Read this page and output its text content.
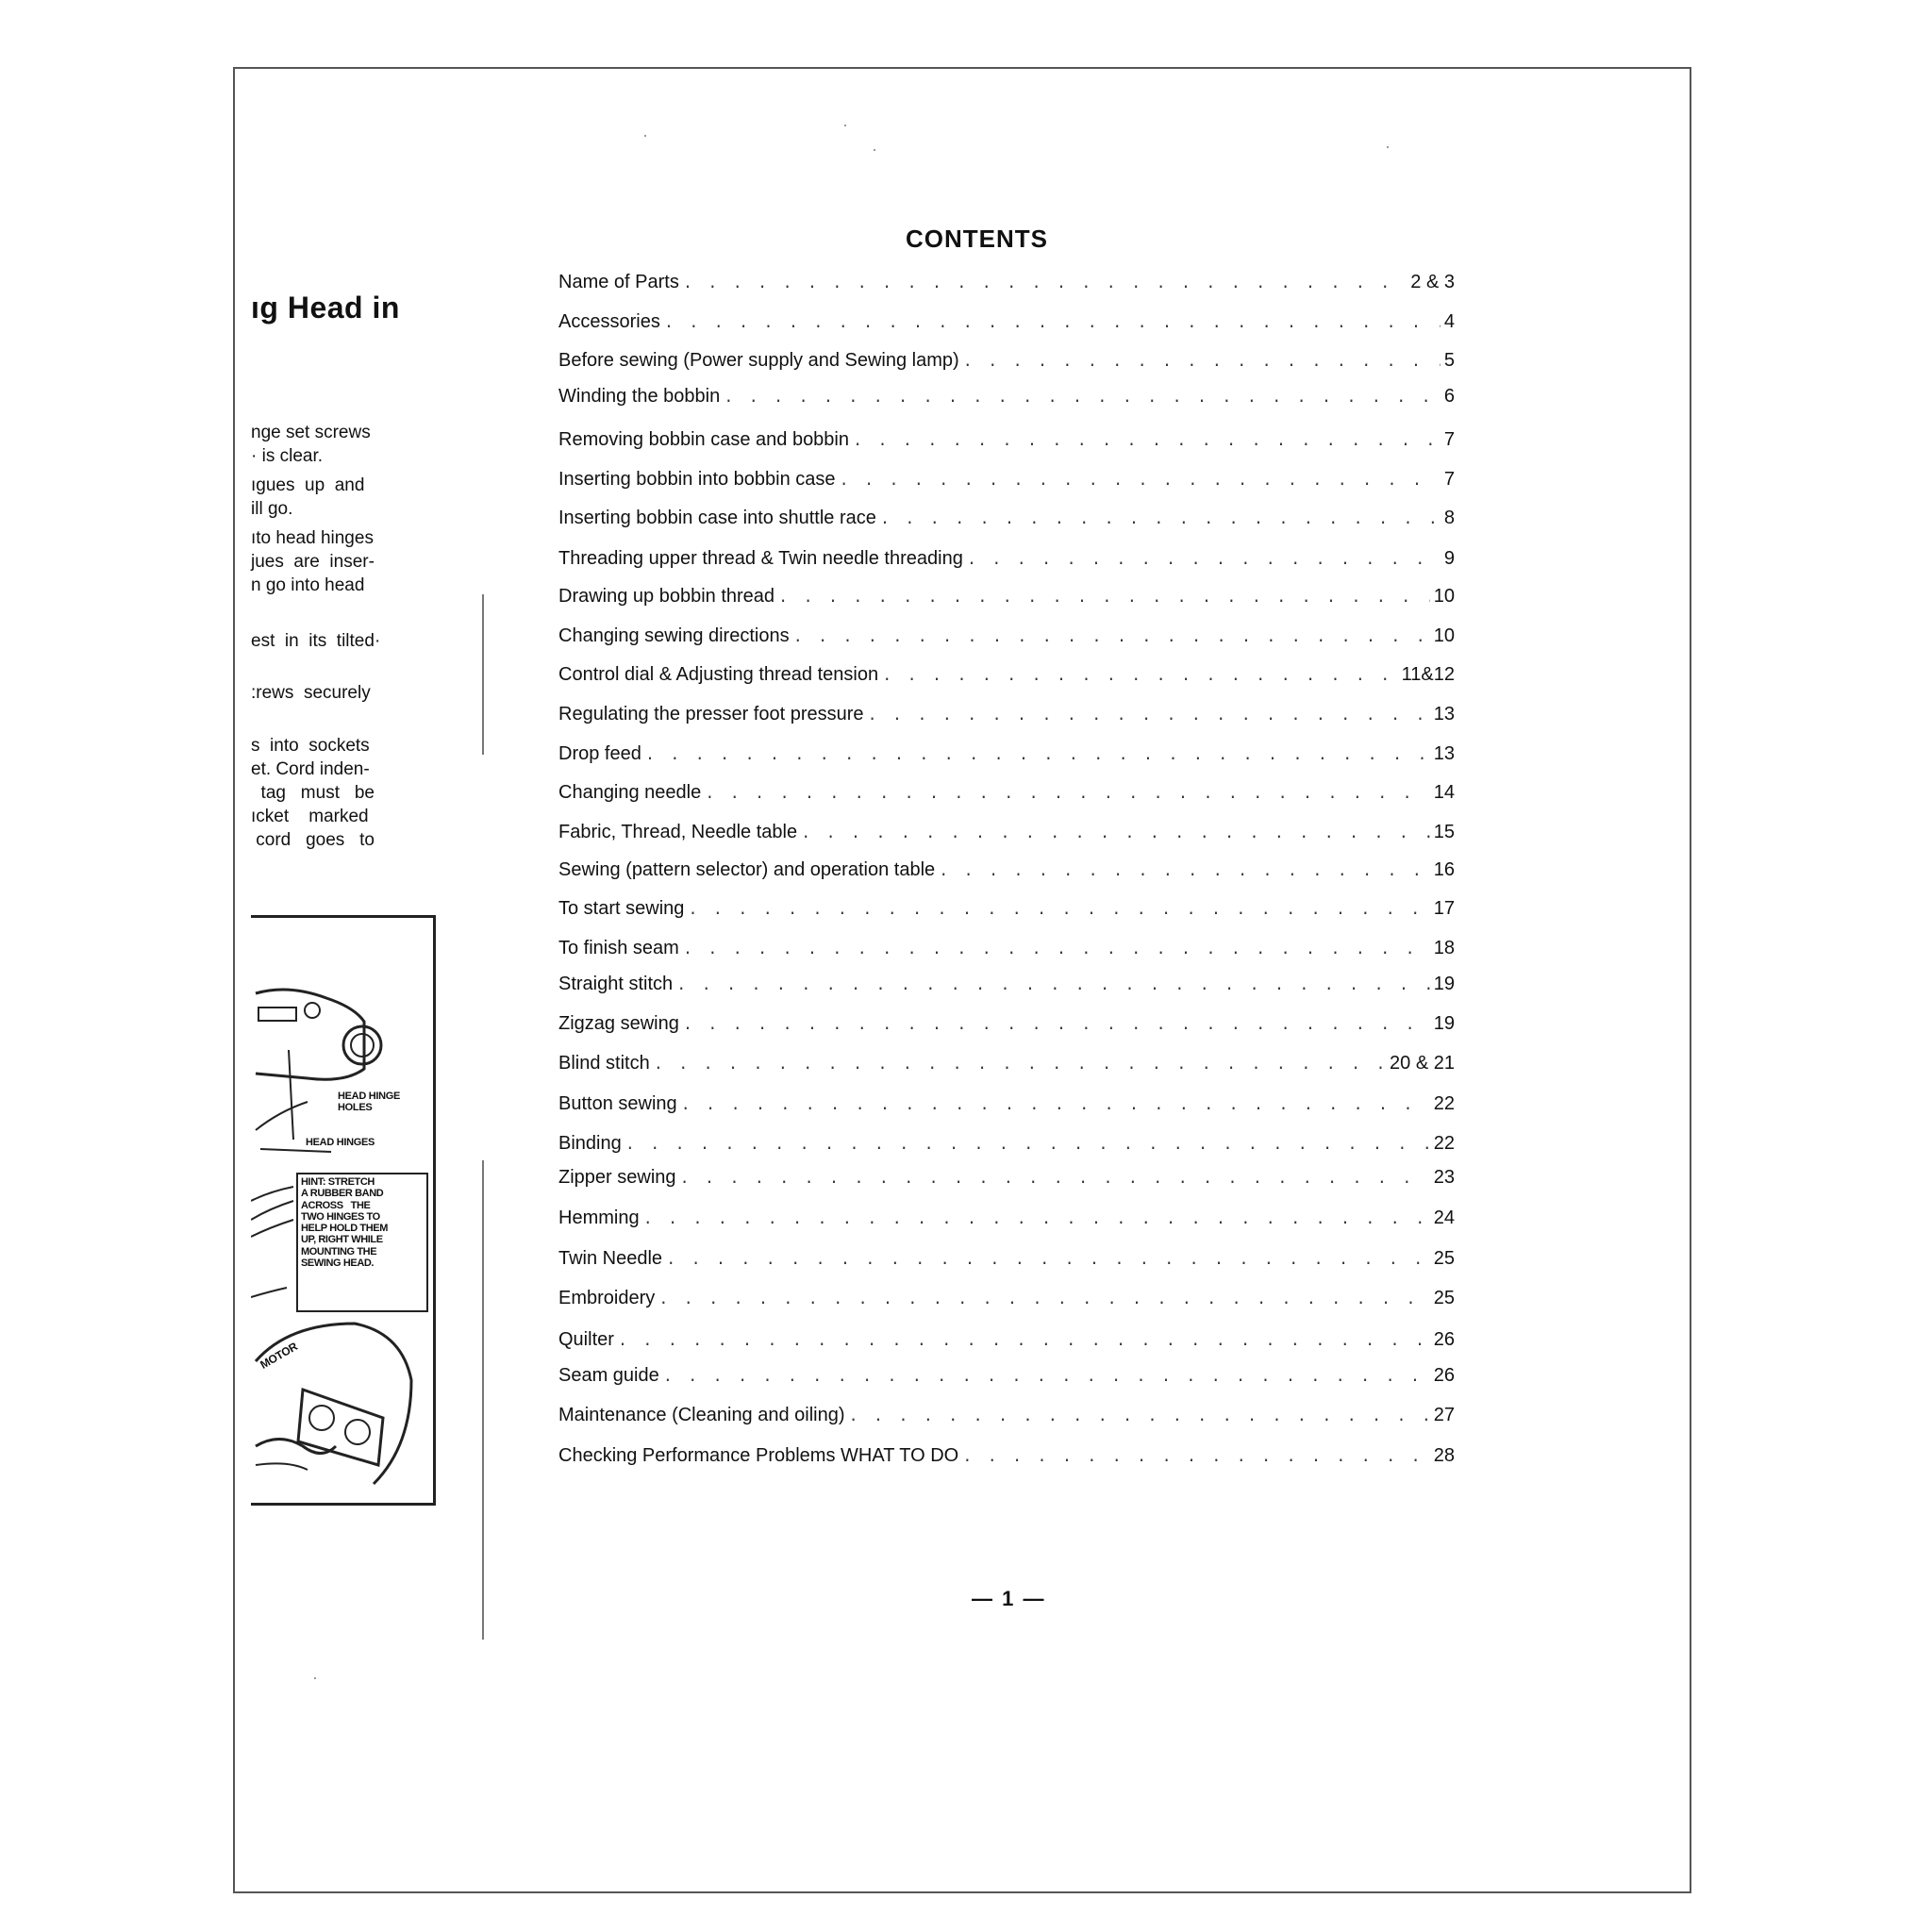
ıg Head in
nge set screws
· is clear.
ıgues  up  and
ill go.
ıto head hinges
jues  are  inser-
n go into head
est  in  its  tilted·
:rews  securely
s  into  sockets
et. Cord inden-
tag   must   be
ıcket    marked
cord   goes   to
HEAD HINGE
HOLES
HEAD HINGES
HINT: STRETCH
A RUBBER BAND
ACROSS   THE
TWO HINGES TO
HELP HOLD THEM
UP, RIGHT WHILE
MOUNTING THE
SEWING HEAD.
MOTOR
CONTENTS
Name of Parts . . .	2 & 3
Accessories . . .	4
Before sewing (Power supply and Sewing lamp) . . .	5
Winding the bobbin . . .	6
Removing bobbin case and bobbin . . .	7
Inserting bobbin into bobbin case . . .	7
Inserting bobbin case into shuttle race . . .	8
Threading upper thread & Twin needle threading . . .	9
Drawing up bobbin thread . . .	10
Changing sewing directions . . .	10
Control dial & Adjusting thread tension . . .	11&12
Regulating the presser foot pressure . . .	13
Drop feed . . .	13
Changing needle . . .	14
Fabric, Thread, Needle table . . .	15
Sewing (pattern selector) and operation table . . .	16
To start sewing . . .	17
To finish seam . . .	18
Straight stitch . . .	19
Zigzag sewing . . .	19
Blind stitch . . .	20 & 21
Button sewing . . .	22
Binding . . .	22
Zipper sewing . . .	23
Hemming . . .	24
Twin Needle . . .	25
Embroidery . . .	25
Quilter . . .	26
Seam guide . . .	26
Maintenance (Cleaning and oiling) . . .	27
Checking Performance Problems WHAT TO DO . . .	28
— 1 —
